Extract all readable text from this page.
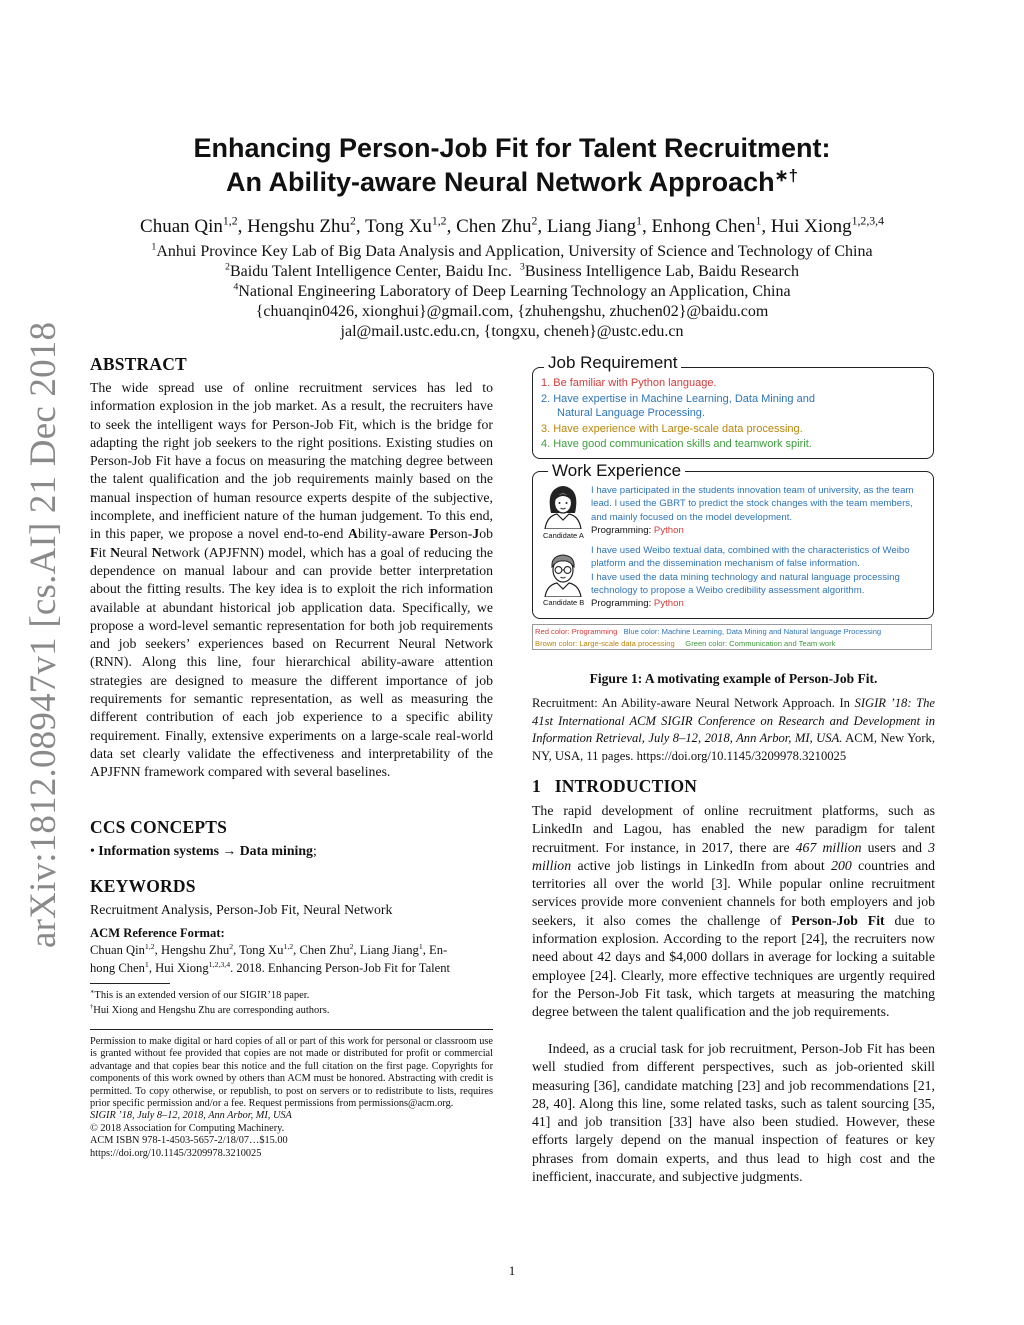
arXiv:1812.08947v1 [cs.AI] 21 Dec 2018
Enhancing Person-Job Fit for Talent Recruitment:
An Ability-aware Neural Network Approach∗†
Chuan Qin$^{1,2}$, Hengshu Zhu$^2$, Tong Xu$^{1,2}$, Chen Zhu$^2$, Liang Jiang$^1$, Enhong Chen$^1$, Hui Xiong$^{1,2,3,4}$
$^1$Anhui Province Key Lab of Big Data Analysis and Application, University of Science and Technology of China
$^2$Baidu Talent Intelligence Center, Baidu Inc. $^3$Business Intelligence Lab, Baidu Research
$^4$National Engineering Laboratory of Deep Learning Technology an Application, China
{chuanqin0426, xionghui}@gmail.com, {zhuhengshu, zhuchen02}@baidu.com
jal@mail.ustc.edu.cn, {tongxu, cheneh}@ustc.edu.cn
ABSTRACT
The wide spread use of online recruitment services has led to information explosion in the job market. As a result, the recruiters have to seek the intelligent ways for Person-Job Fit, which is the bridge for adapting the right job seekers to the right positions. Existing studies on Person-Job Fit have a focus on measuring the matching degree between the talent qualification and the job requirements mainly based on the manual inspection of human resource experts despite of the subjective, incomplete, and inefficient nature of the human judgement. To this end, in this paper, we propose a novel end-to-end Ability-aware Person-Job Fit Neural Network (APJFNN) model, which has a goal of reducing the dependence on manual labour and can provide better interpretation about the fitting results. The key idea is to exploit the rich information available at abundant historical job application data. Specifically, we propose a word-level semantic representation for both job requirements and job seekers’ experiences based on Recurrent Neural Network (RNN). Along this line, four hierarchical ability-aware attention strategies are designed to measure the different importance of job requirements for semantic representation, as well as measuring the different contribution of each job experience to a specific ability requirement. Finally, extensive experiments on a large-scale real-world data set clearly validate the effectiveness and interpretability of the APJFNN framework compared with several baselines.
CCS CONCEPTS
• Information systems → Data mining;
KEYWORDS
Recruitment Analysis, Person-Job Fit, Neural Network
ACM Reference Format:
Chuan Qin$^{1,2}$, Hengshu Zhu$^2$, Tong Xu$^{1,2}$, Chen Zhu$^2$, Liang Jiang$^1$, En-
hong Chen$^1$, Hui Xiong$^{1,2,3,4}$. 2018. Enhancing Person-Job Fit for Talent
∗This is an extended version of our SIGIR’18 paper.
†Hui Xiong and Hengshu Zhu are corresponding authors.
Permission to make digital or hard copies of all or part of this work for personal or classroom use is granted without fee provided that copies are not made or distributed for profit or commercial advantage and that copies bear this notice and the full citation on the first page. Copyrights for components of this work owned by others than ACM must be honored. Abstracting with credit is permitted. To copy otherwise, or republish, to post on servers or to redistribute to lists, requires prior specific permission and/or a fee. Request permissions from permissions@acm.org.
SIGIR ’18, July 8–12, 2018, Ann Arbor, MI, USA
© 2018 Association for Computing Machinery.
ACM ISBN 978-1-4503-5657-2/18/07…$15.00
https://doi.org/10.1145/3209978.3210025
Job Requirement
1. Be familiar with Python language.
2. Have expertise in Machine Learning, Data Mining and
Natural Language Processing.
3. Have experience with Large-scale data processing.
4. Have good communication skills and teamwork spirit.
Work Experience
Candidate A
I have participated in the students innovation team of university, as the team lead. I used the GBRT to predict the stock changes with the team members, and mainly focused on the model development.
Programming: Python
Candidate B
I have used Weibo textual data, combined with the characteristics of Weibo platform and the dissemination mechanism of false information.
I have used the data mining technology and natural language processing technology to propose a Weibo credibility assessment algorithm.
Programming: Python
Red color: Programming Blue color: Machine Learning, Data Mining and Natural language Processing
Brown color: Large-scale data processing Green color: Communication and Team work
Figure 1: A motivating example of Person-Job Fit.
Recruitment: An Ability-aware Neural Network Approach. In SIGIR ’18: The 41st International ACM SIGIR Conference on Research and Development in Information Retrieval, July 8–12, 2018, Ann Arbor, MI, USA. ACM, New York, NY, USA, 11 pages. https://doi.org/10.1145/3209978.3210025
1 INTRODUCTION
The rapid development of online recruitment platforms, such as LinkedIn and Lagou, has enabled the new paradigm for talent recruitment. For instance, in 2017, there are 467 million users and 3 million active job listings in LinkedIn from about 200 countries and territories all over the world [3]. While popular online recruitment services provide more convenient channels for both employers and job seekers, it also comes the challenge of Person-Job Fit due to information explosion. According to the report [24], the recruiters now need about 42 days and $4,000 dollars in average for locking a suitable employee [24]. Clearly, more effective techniques are urgently required for the Person-Job Fit task, which targets at measuring the matching degree between the talent qualification and the job requirements.
Indeed, as a crucial task for job recruitment, Person-Job Fit has been well studied from different perspectives, such as job-oriented skill measuring [36], candidate matching [23] and job recommendations [21, 28, 40]. Along this line, some related tasks, such as talent sourcing [35, 41] and job transition [33] have also been studied. However, these efforts largely depend on the manual inspection of features or key phrases from domain experts, and thus lead to high cost and the inefficient, inaccurate, and subjective judgments.
1
